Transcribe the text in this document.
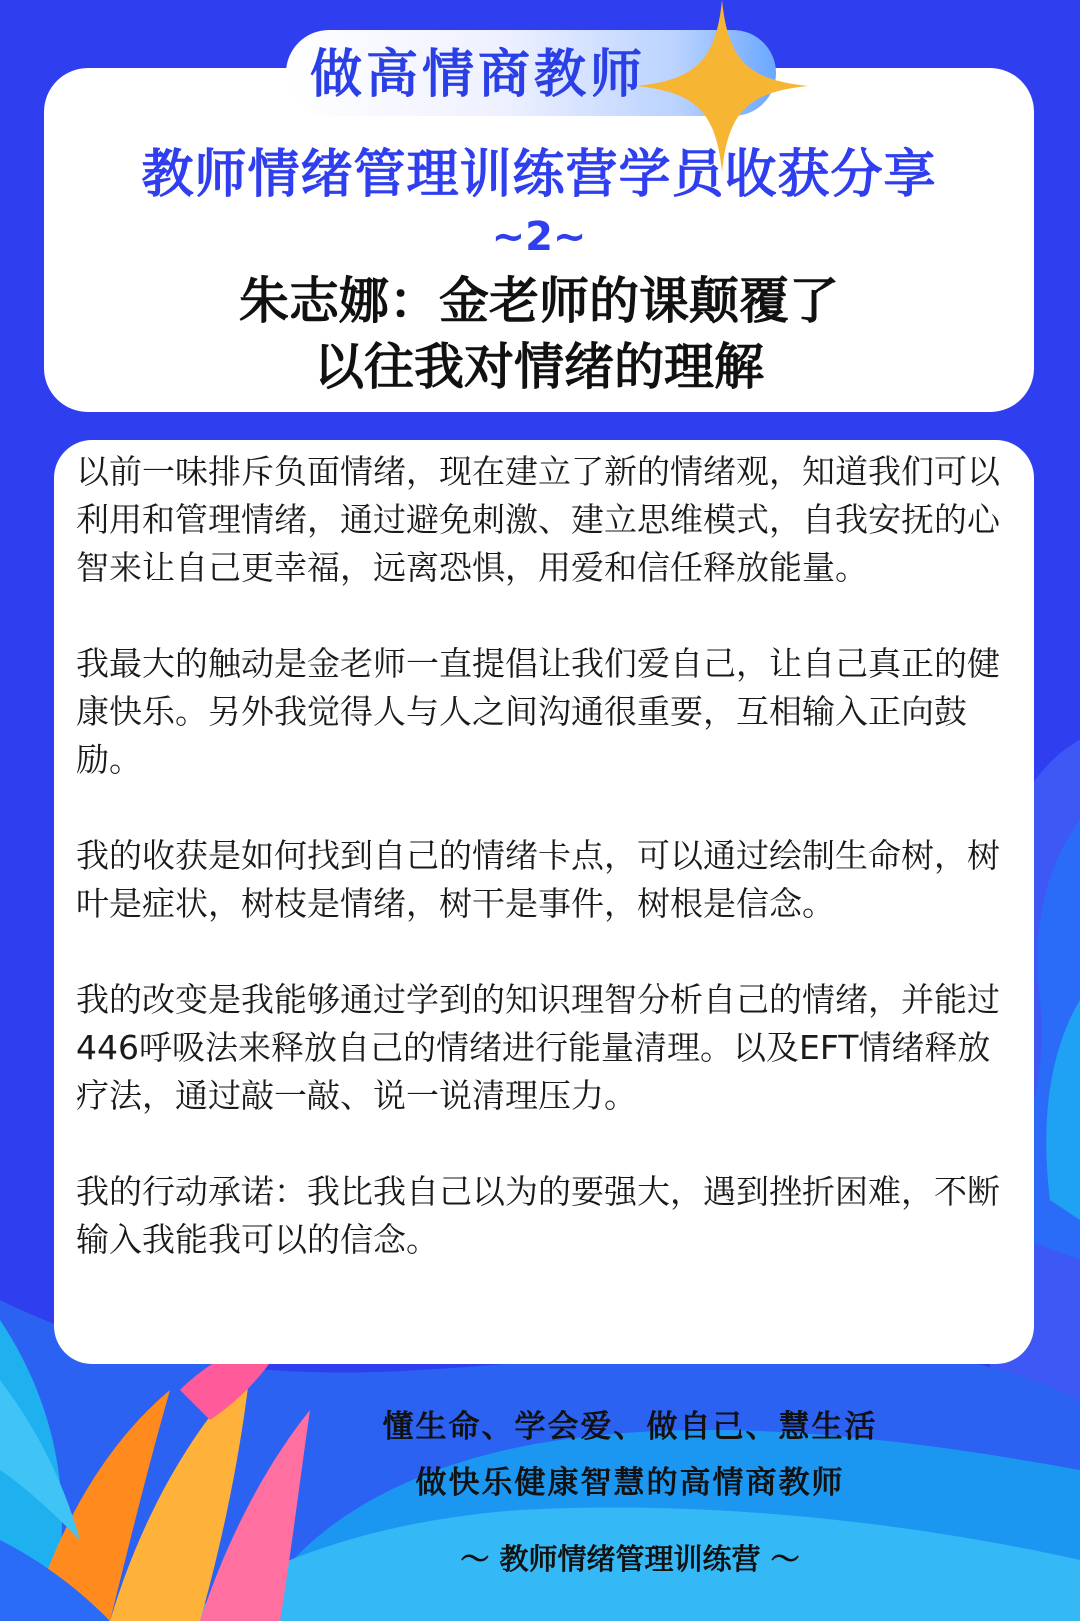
做高情商教师
教师情绪管理训练营学员收获分享
~2~
朱志娜：金老师的课颠覆了
以往我对情绪的理解

以前一味排斥负面情绪，现在建立了新的情绪观，知道我们可以利用和管理情绪，通过避免刺激、建立思维模式，自我安抚的心智来让自己更幸福，远离恐惧，用爱和信任释放能量。

我最大的触动是金老师一直提倡让我们爱自己，让自己真正的健康快乐。另外我觉得人与人之间沟通很重要，互相输入正向鼓励。

我的收获是如何找到自己的情绪卡点，可以通过绘制生命树，树叶是症状，树枝是情绪，树干是事件，树根是信念。

我的改变是我能够通过学到的知识理智分析自己的情绪，并能过446呼吸法来释放自己的情绪进行能量清理。以及EFT情绪释放疗法，通过敲一敲、说一说清理压力。

我的行动承诺：我比我自己以为的要强大，遇到挫折困难，不断输入我能我可以的信念。

懂生命、学会爱、做自己、慧生活
做快乐健康智慧的高情商教师
〜 教师情绪管理训练营 〜
